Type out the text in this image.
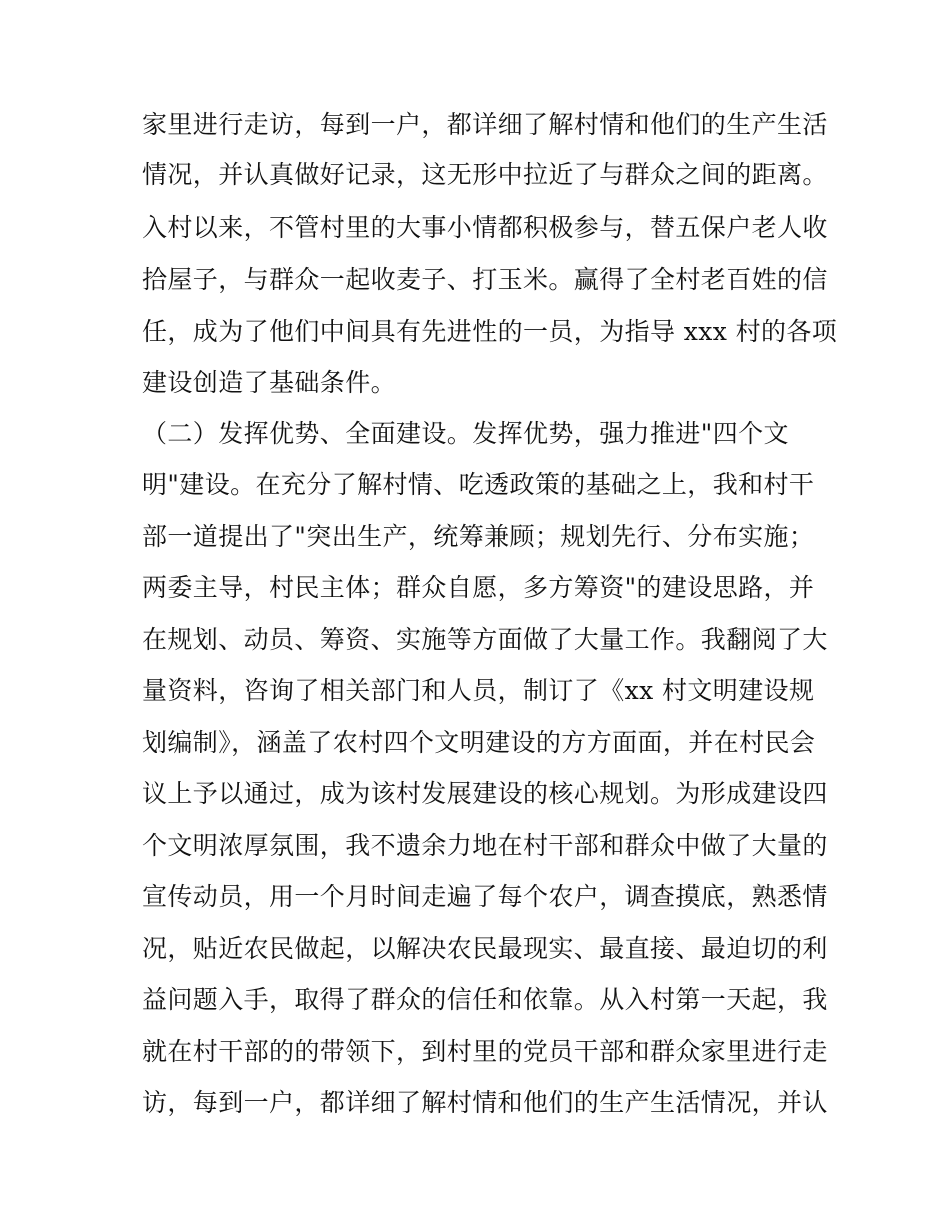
家里进行走访，每到一户，都详细了解村情和他们的生产生活
情况，并认真做好记录，这无形中拉近了与群众之间的距离。
入村以来，不管村里的大事小情都积极参与，替五保户老人收
拾屋子，与群众一起收麦子、打玉米。赢得了全村老百姓的信
任，成为了他们中间具有先进性的一员，为指导 xxx 村的各项
建设创造了基础条件。
（二）发挥优势、全面建设。发挥优势，强力推进"四个文
明"建设。在充分了解村情、吃透政策的基础之上，我和村干
部一道提出了"突出生产，统筹兼顾；规划先行、分布实施；
两委主导，村民主体；群众自愿，多方筹资"的建设思路，并
在规划、动员、筹资、实施等方面做了大量工作。我翻阅了大
量资料，咨询了相关部门和人员，制订了《xx 村文明建设规
划编制》，涵盖了农村四个文明建设的方方面面，并在村民会
议上予以通过，成为该村发展建设的核心规划。为形成建设四
个文明浓厚氛围，我不遗余力地在村干部和群众中做了大量的
宣传动员，用一个月时间走遍了每个农户，调查摸底，熟悉情
况，贴近农民做起，以解决农民最现实、最直接、最迫切的利
益问题入手，取得了群众的信任和依靠。从入村第一天起，我
就在村干部的的带领下，到村里的党员干部和群众家里进行走
访，每到一户，都详细了解村情和他们的生产生活情况，并认
